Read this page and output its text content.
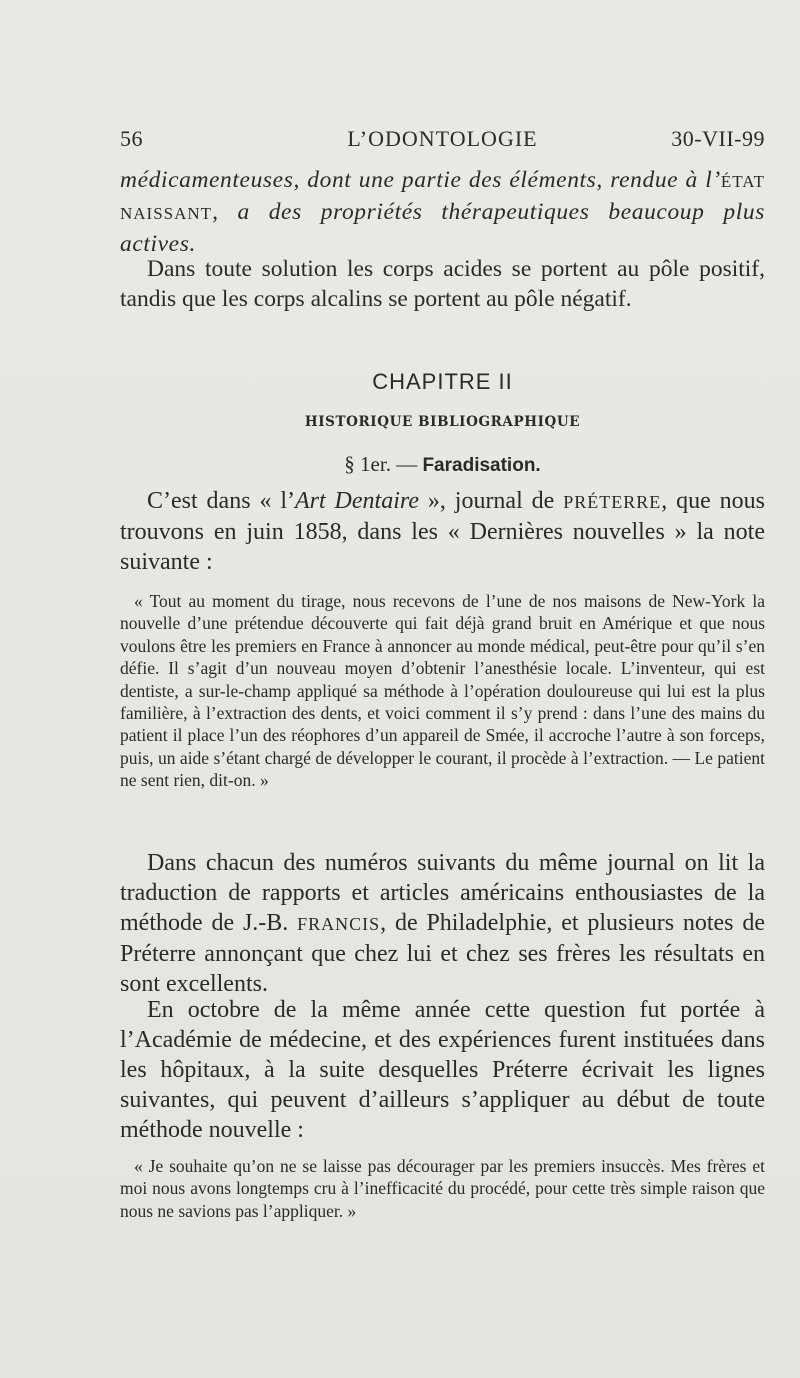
56	L’ODONTOLOGIE	30-VII-99
médicamenteuses, dont une partie des éléments, rendue à l’ÉTAT NAISSANT, a des propriétés thérapeutiques beaucoup plus actives.
Dans toute solution les corps acides se portent au pôle positif, tandis que les corps alcalins se portent au pôle négatif.
CHAPITRE II
HISTORIQUE BIBLIOGRAPHIQUE
§ 1er. — Faradisation.
C’est dans « l’Art Dentaire », journal de PRÉTERRE, que nous trouvons en juin 1858, dans les « Dernières nouvelles » la note suivante :
« Tout au moment du tirage, nous recevons de l’une de nos maisons de New-York la nouvelle d’une prétendue découverte qui fait déjà grand bruit en Amérique et que nous voulons être les premiers en France à annoncer au monde médical, peut-être pour qu’il s’en défie. Il s’agit d’un nouveau moyen d’obtenir l’anesthésie locale. L’inventeur, qui est dentiste, a sur-le-champ appliqué sa méthode à l’opération douloureuse qui lui est la plus familière, à l’extraction des dents, et voici comment il s’y prend : dans l’une des mains du patient il place l’un des réophores d’un appareil de Smée, il accroche l’autre à son forceps, puis, un aide s’étant chargé de développer le courant, il procède à l’extraction. — Le patient ne sent rien, dit-on. »
Dans chacun des numéros suivants du même journal on lit la traduction de rapports et articles américains enthousiastes de la méthode de J.-B. FRANCIS, de Philadelphie, et plusieurs notes de Préterre annonçant que chez lui et chez ses frères les résultats en sont excellents.
En octobre de la même année cette question fut portée à l’Académie de médecine, et des expériences furent instituées dans les hôpitaux, à la suite desquelles Préterre écrivait les lignes suivantes, qui peuvent d’ailleurs s’appliquer au début de toute méthode nouvelle :
« Je souhaite qu’on ne se laisse pas décourager par les premiers insuccès. Mes frères et moi nous avons longtemps cru à l’inefficacité du procédé, pour cette très simple raison que nous ne savions pas l’appliquer. »
